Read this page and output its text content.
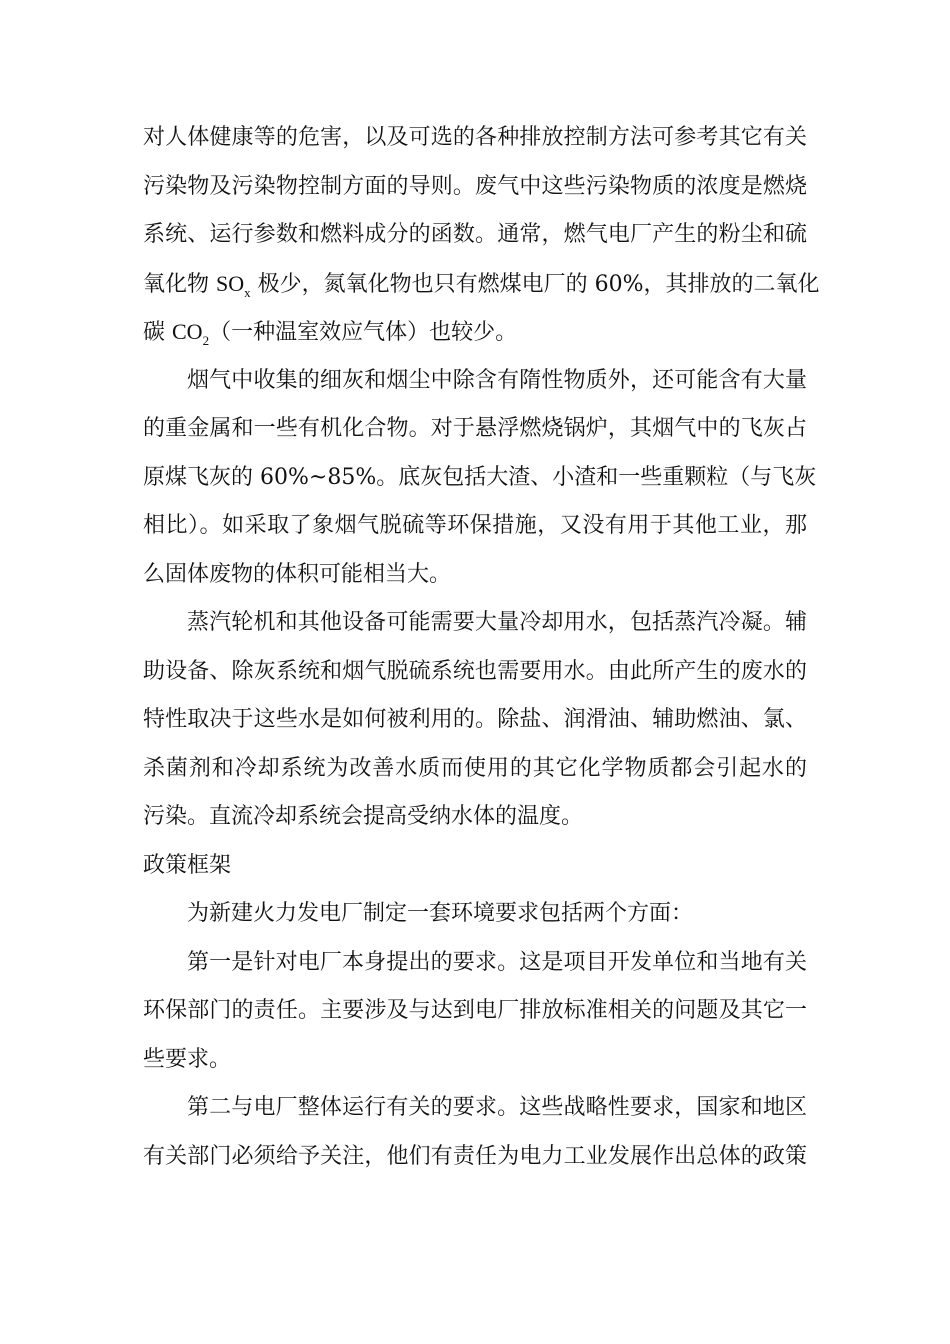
对人体健康等的危害，以及可选的各种排放控制方法可参考其它有关
污染物及污染物控制方面的导则。废气中这些污染物质的浓度是燃烧
系统、运行参数和燃料成分的函数。通常，燃气电厂产生的粉尘和硫
氧化物 $SO_x$ 极少，氮氧化物也只有燃煤电厂的 60%，其排放的二氧化
碳 $CO_2$（一种温室效应气体）也较少。
烟气中收集的细灰和烟尘中除含有隋性物质外，还可能含有大量
的重金属和一些有机化合物。对于悬浮燃烧锅炉，其烟气中的飞灰占
原煤飞灰的 60%~85%。底灰包括大渣、小渣和一些重颗粒（与飞灰
相比）。如采取了象烟气脱硫等环保措施，又没有用于其他工业，那
么固体废物的体积可能相当大。
蒸汽轮机和其他设备可能需要大量冷却用水，包括蒸汽冷凝。辅
助设备、除灰系统和烟气脱硫系统也需要用水。由此所产生的废水的
特性取决于这些水是如何被利用的。除盐、润滑油、辅助燃油、氯、
杀菌剂和冷却系统为改善水质而使用的其它化学物质都会引起水的
污染。直流冷却系统会提高受纳水体的温度。
政策框架
为新建火力发电厂制定一套环境要求包括两个方面：
第一是针对电厂本身提出的要求。这是项目开发单位和当地有关
环保部门的责任。主要涉及与达到电厂排放标准相关的问题及其它一
些要求。
第二与电厂整体运行有关的要求。这些战略性要求，国家和地区
有关部门必须给予关注，他们有责任为电力工业发展作出总体的政策
